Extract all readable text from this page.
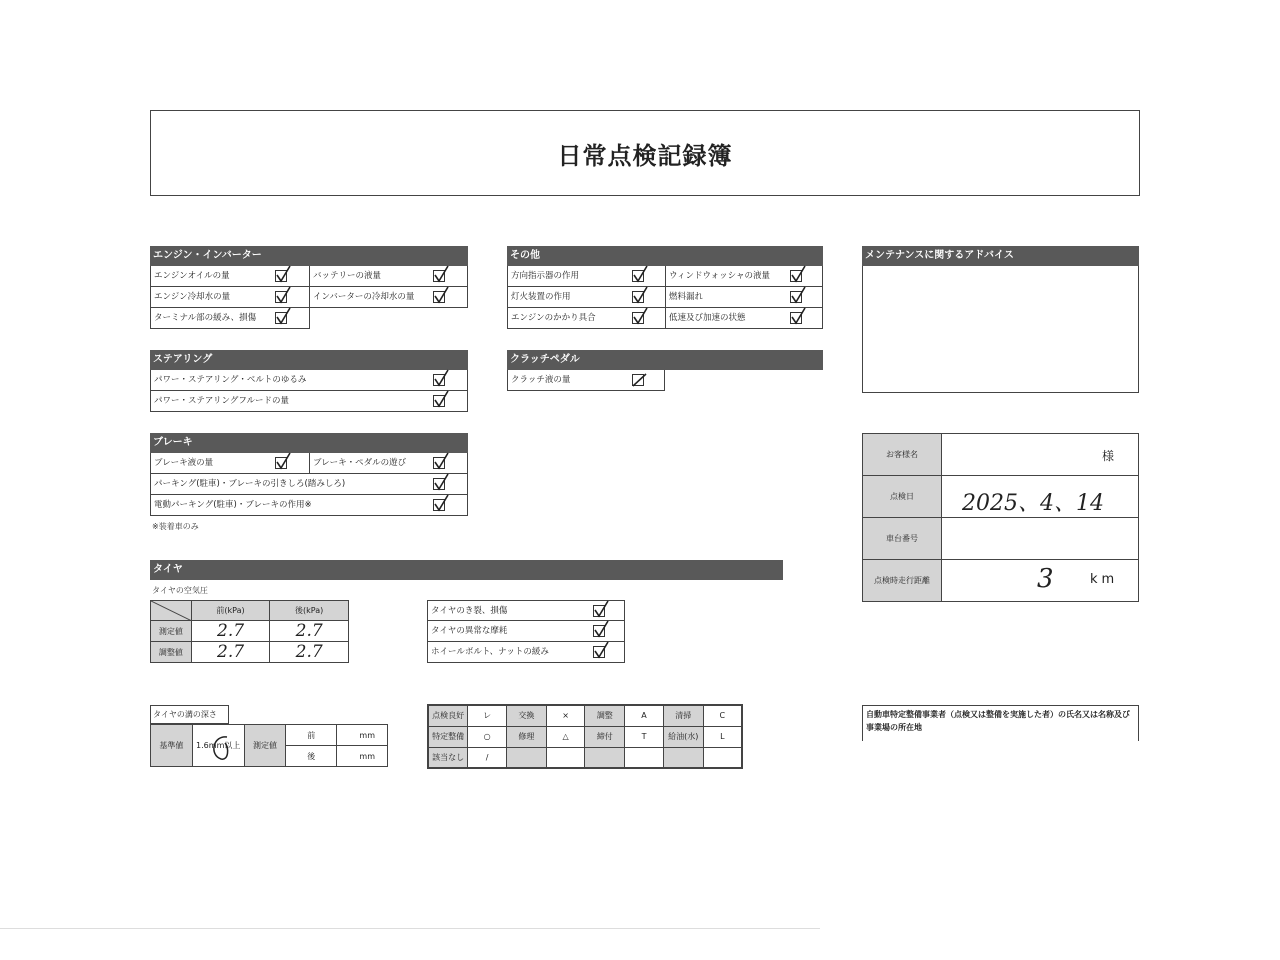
日常点検記録簿
エンジン・インバーター
エンジンオイルの量	バッテリーの液量
エンジン冷却水の量	インバーターの冷却水の量
ターミナル部の緩み、損傷
その他
方向指示器の作用	ウィンドウォッシャの液量
灯火装置の作用	燃料漏れ
エンジンのかかり具合	低速及び加速の状態
メンテナンスに関するアドバイス
ステアリング
パワー・ステアリング・ベルトのゆるみ
パワー・ステアリングフルードの量
クラッチペダル
クラッチ液の量
ブレーキ
ブレーキ液の量	ブレーキ・ペダルの遊び
パーキング(駐車)・ブレーキの引きしろ(踏みしろ)
電動パーキング(駐車)・ブレーキの作用※
※装着車のみ
お客様名	様
点検日	2025、4、14
車台番号
点検時走行距離	3	km
タイヤ
タイヤの空気圧
	前(kPa)	後(kPa)
測定値	2.7	2.7
調整値	2.7	2.7
タイヤのき裂、損傷
タイヤの異常な摩耗
ホイールボルト、ナットの緩み
タイヤの溝の深さ
基準値	1.6mm以上	測定値	前	mm
			後	mm
点検良好	レ	交換	×	調整	A	清掃	C
特定整備	○	修理	△	締付	T	給油(水)	L
該当なし	/						
自動車特定整備事業者（点検又は整備を実施した者）の氏名又は名称及び事業場の所在地
